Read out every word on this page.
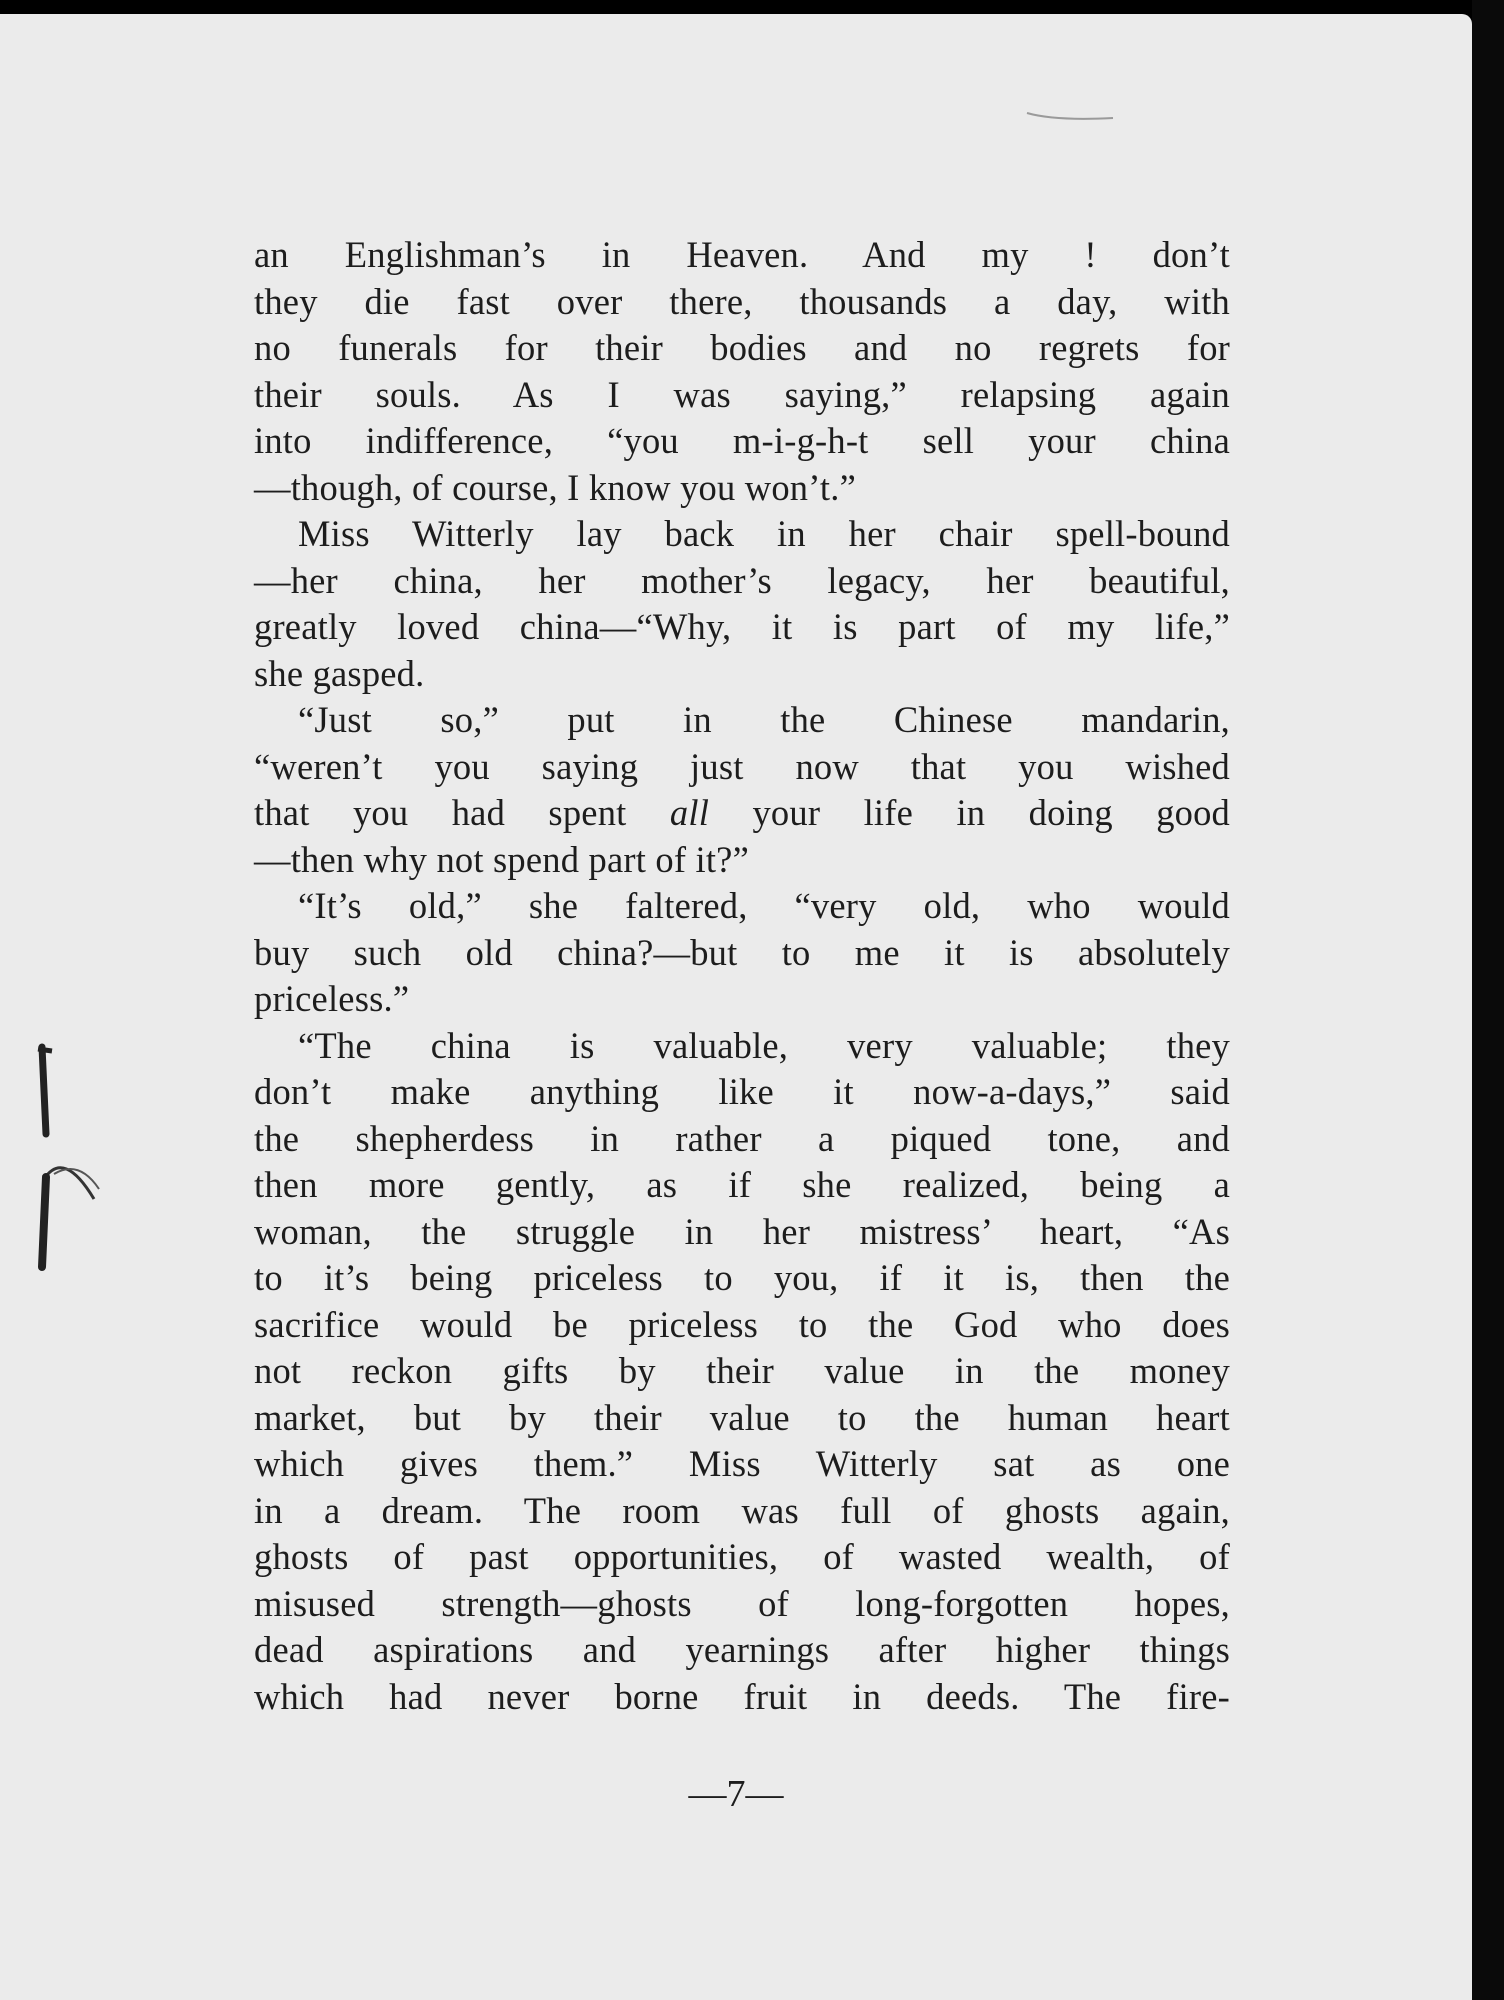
an Englishman’s in Heaven. And my ! don’t
they die fast over there, thousands a day, with
no funerals for their bodies and no regrets for
their souls. As I was saying,” relapsing again
into indifference, “you m-i-g-h-t sell your china
—though, of course, I know you won’t.”
Miss Witterly lay back in her chair spell-bound
—her china, her mother’s legacy, her beautiful,
greatly loved china—“Why, it is part of my life,”
she gasped.
“Just so,” put in the Chinese mandarin,
“weren’t you saying just now that you wished
that you had spent all your life in doing good
—then why not spend part of it?”
“It’s old,” she faltered, “very old, who would
buy such old china?—but to me it is absolutely
priceless.”
“The china is valuable, very valuable; they
don’t make anything like it now-a-days,” said
the shepherdess in rather a piqued tone, and
then more gently, as if she realized, being a
woman, the struggle in her mistress’ heart, “As
to it’s being priceless to you, if it is, then the
sacrifice would be priceless to the God who does
not reckon gifts by their value in the money
market, but by their value to the human heart
which gives them.” Miss Witterly sat as one
in a dream. The room was full of ghosts again,
ghosts of past opportunities, of wasted wealth, of
misused strength—ghosts of long-forgotten hopes,
dead aspirations and yearnings after higher things
which had never borne fruit in deeds. The fire-
—7—
